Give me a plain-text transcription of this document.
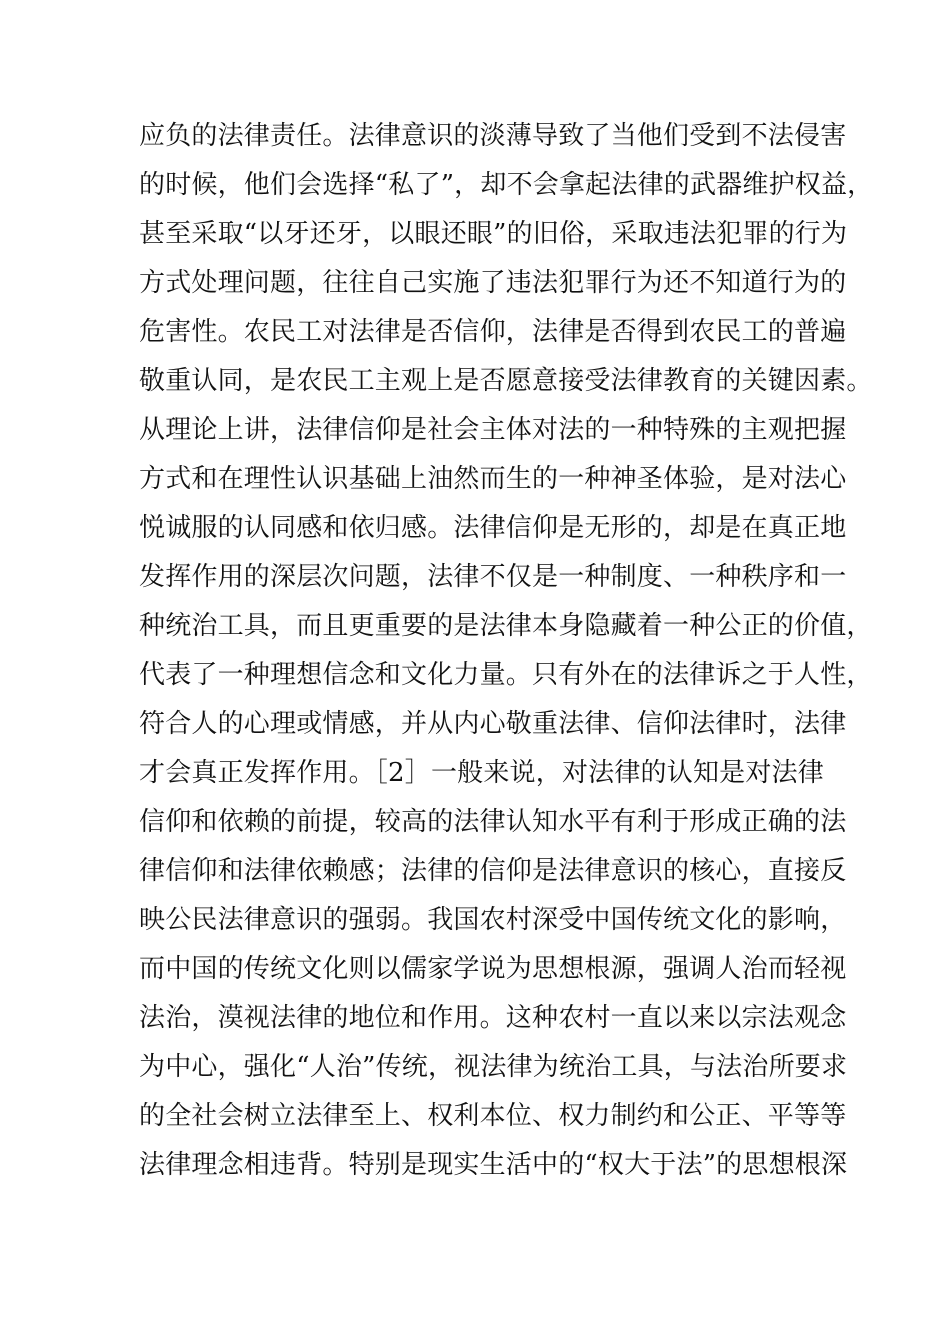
应负的法律责任。法律意识的淡薄导致了当他们受到不法侵害
的时候，他们会选择“私了”，却不会拿起法律的武器维护权益，
甚至采取“以牙还牙，以眼还眼”的旧俗，采取违法犯罪的行为
方式处理问题，往往自己实施了违法犯罪行为还不知道行为的
危害性。农民工对法律是否信仰，法律是否得到农民工的普遍
敬重认同，是农民工主观上是否愿意接受法律教育的关键因素。
从理论上讲，法律信仰是社会主体对法的一种特殊的主观把握
方式和在理性认识基础上油然而生的一种神圣体验，是对法心
悦诚服的认同感和依归感。法律信仰是无形的，却是在真正地
发挥作用的深层次问题，法律不仅是一种制度、一种秩序和一
种统治工具，而且更重要的是法律本身隐藏着一种公正的价值，
代表了一种理想信念和文化力量。只有外在的法律诉之于人性，
符合人的心理或情感，并从内心敬重法律、信仰法律时，法律
才会真正发挥作用。［2］一般来说，对法律的认知是对法律
信仰和依赖的前提，较高的法律认知水平有利于形成正确的法
律信仰和法律依赖感；法律的信仰是法律意识的核心，直接反
映公民法律意识的强弱。我国农村深受中国传统文化的影响，
而中国的传统文化则以儒家学说为思想根源，强调人治而轻视
法治，漠视法律的地位和作用。这种农村一直以来以宗法观念
为中心，强化“人治”传统，视法律为统治工具，与法治所要求
的全社会树立法律至上、权利本位、权力制约和公正、平等等
法律理念相违背。特别是现实生活中的“权大于法”的思想根深
